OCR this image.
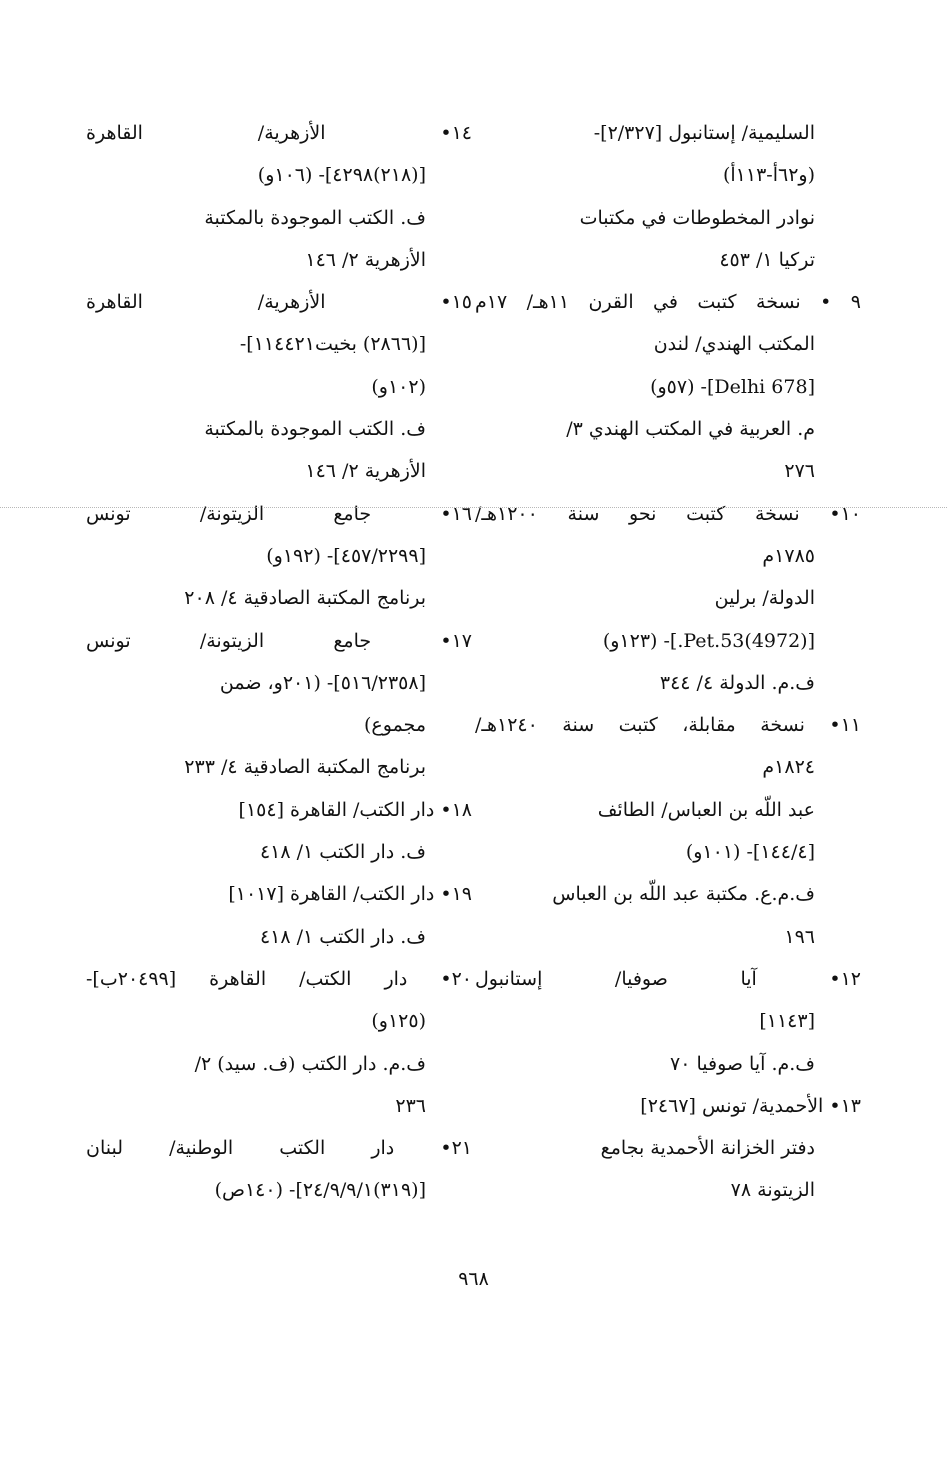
السليمية/ إستانبول [٢/٣٢٧]-
(و٦٢أ-١١٣أ)
نوادر المخطوطات في مكتبات
تركيا ١/ ٤٥٣
٩ • نسخة كتبت في القرن ١١هـ/ ١٧م
المكتب الهندي/ لندن
[Delhi 678]- (٥٧و)
م. العربية في المكتب الهندي ٣/
٢٧٦
١٠• نسخة كتبت نحو سنة ١٢٠٠هـ/
١٧٨٥م
الدولة/ برلين
[(4972)Pet.53.]- (١٢٣و)
ف.م. الدولة ٤/ ٣٤٤
١١• نسخة مقابلة، كتبت سنة ١٢٤٠هـ/
١٨٢٤م
عبد اللّه بن العباس/ الطائف
[١٤٤/٤]- (١٠١و)
ف.م.ع. مكتبة عبد اللّه بن العباس
١٩٦
١٢• آيا صوفيا/ إستانبول
[١١٤٣]
ف.م. آيا صوفيا ٧٠
١٣• الأحمدية/ تونس [٢٤٦٧]
دفتر الخزانة الأحمدية بجامع
الزيتونة ٧٨
١٤• الأزهرية/ القاهرة
[(٢١٨)٤٢٩٨]- (١٠٦و)
ف. الكتب الموجودة بالمكتبة
الأزهرية ٢/ ١٤٦
١٥• الأزهرية/ القاهرة
[(٢٨٦٦) بخيت١١٤٤٢١]-
(١٠٢و)
ف. الكتب الموجودة بالمكتبة
الأزهرية ٢/ ١٤٦
١٦• جامع الزيتونة/ تونس
[٤٥٧/٢٢٩٩]- (١٩٢و)
برنامج المكتبة الصادقية ٤/ ٢٠٨
١٧• جامع الزيتونة/ تونس
[٥١٦/٢٣٥٨]- (٢٠١و، ضمن
مجموع)
برنامج المكتبة الصادقية ٤/ ٢٣٣
١٨• دار الكتب/ القاهرة [١٥٤]
ف. دار الكتب ١/ ٤١٨
١٩• دار الكتب/ القاهرة [١٠١٧]
ف. دار الكتب ١/ ٤١٨
٢٠• دار الكتب/ القاهرة [٢٠٤٩٩ب]-
(١٢٥و)
ف.م. دار الكتب (ف. سيد) ٢/
٢٣٦
٢١• دار الكتب الوطنية/ لبنان
[(٣١٩)٢٤/٩/٩/١]- (١٤٠ص)
٩٦٨
